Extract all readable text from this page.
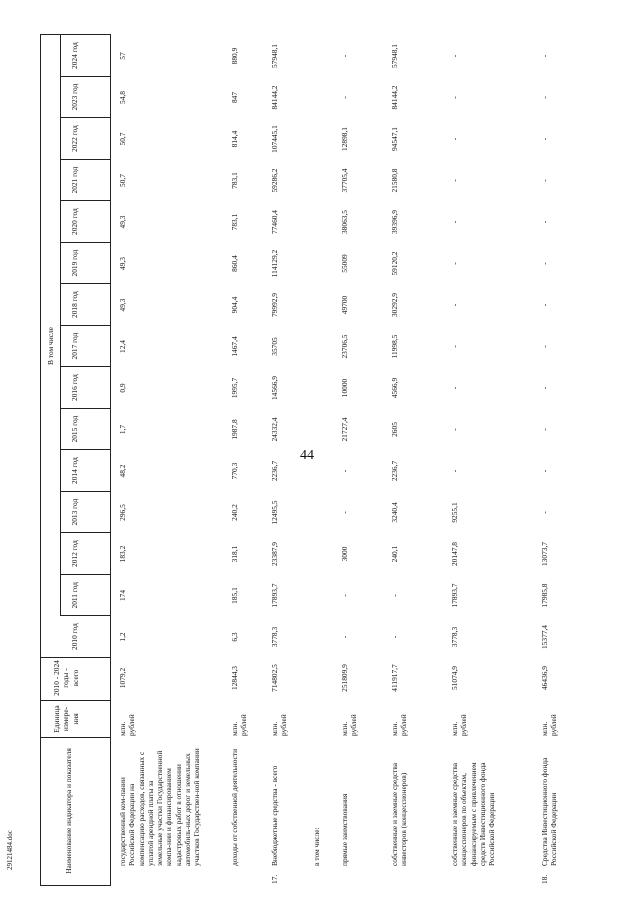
44
29121484.doc	Наименование индикатора и показателя
Единица измере-ния
2010 - 2024 годы - всего
В том числе
2010 год
2011 год
2012 год
2013 год
2014 год
2015 год
2016 год
2017 год
2018 год
2019 год
2020 год
2021 год
2022 год
2023 год
2024 год
государственный ком-пании Российской Федерации на компенсацию расходов, связанных с уплатой арендной платы за земельные участки Государственной компа-нии и финансированием кадастровых работ в отношении автомобиль-ных дорог и земельных участков Государствен-ной компании
млн. рублей
1079,2
1,2
174
183,2
296,5
48,2
1,7
0,9
12,4
49,3
49,3
49,3
50,7
50,7
54,8
57
доходы от собственной деятельности
млн. рублей
12844,3
6,3
185,1
318,1
240,2
770,3
1987,8
1995,7
1467,4
904,4
860,4
783,1
783,1
814,4
847
880,9
17.
Внебюджетные средства - всего
млн. рублей
714802,5
3778,3
17893,7
23387,9
12495,5
2236,7
24332,4
14566,9
35705
79992,9
114129,2
77460,4
59286,2
107445,1
84144,2
57948,1
в том числе:	прямые заимствования
млн. рублей
251809,9
-
-
3000
-
-
21727,4
10000
23706,5
49700
55009
38063,5
37705,4
12898,1
-
-
собственные и заемные средства инвесторов (концессионеров)
млн. рублей
411917,7
-
-
240,1
3240,4
2236,7
2605
4566,9
11998,5
30292,9
59120,2
39396,9
21580,8
94547,1
84144,2
57948,1
собственные и заемные средства концессионеров по объектам, финансируемым с привлечением средств Инвестиционного фонда Российской Федерации
млн. рублей
51074,9
3778,3
17893,7
20147,8
9255,1
-
-
-
-
-
-
-
-
-
-
-
18.
Средства Инвестиционного фонда Российской Федерации
млн. рублей
46436,9
15377,4
17985,8
13073,7
-
-
-
-
-
-
-
-
-
-
-
-
